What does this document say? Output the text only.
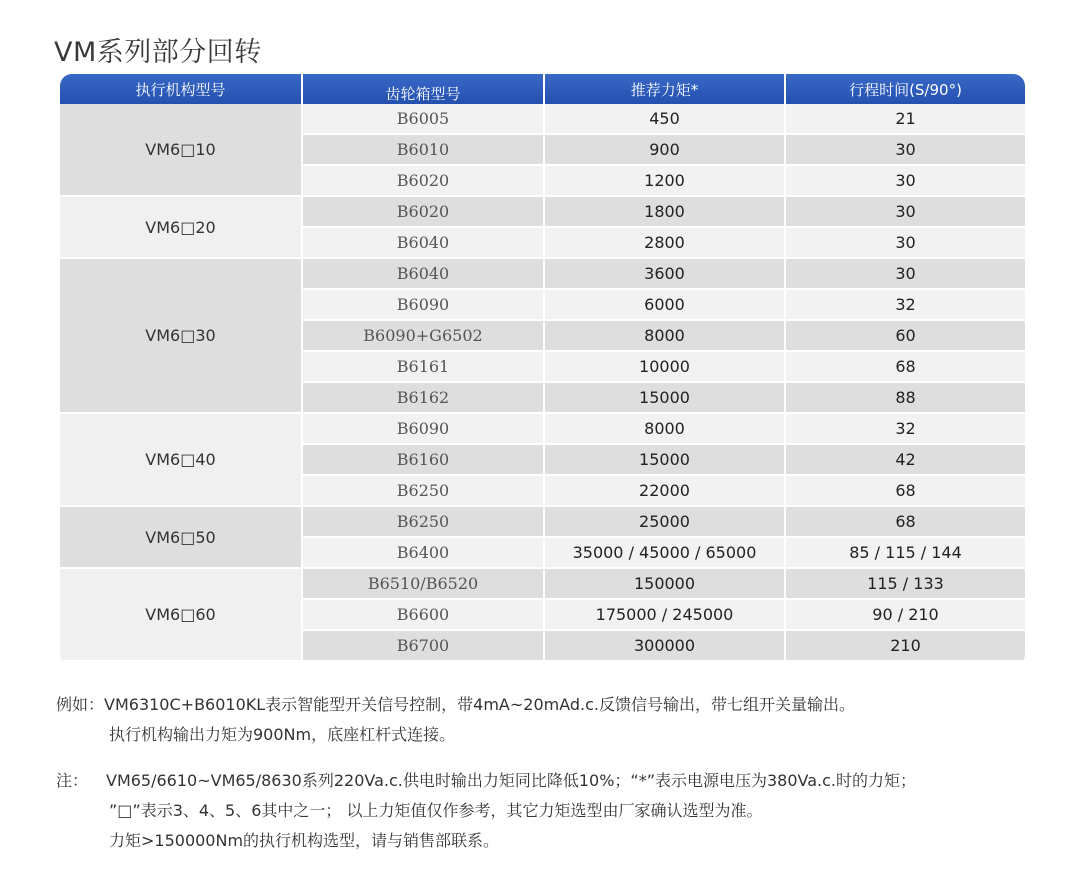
VM系列部分回转
执行机构型号	齿轮箱型号	推荐力矩*	行程时间(S/90°)
VM6□10
B6005	450	21
B6010	900	30
B6020	1200	30
VM6□20
B6020	1800	30
B6040	2800	30
VM6□30
B6040	3600	30
B6090	6000	32
B6090+G6502	8000	60
B6161	10000	68
B6162	15000	88
VM6□40
B6090	8000	32
B6160	15000	42
B6250	22000	68
VM6□50
B6250	25000	68
B6400	35000 / 45000 / 65000	85 / 115 / 144
VM6□60
B6510/B6520	150000	115 / 133
B6600	175000 / 245000	90 / 210
B6700	300000	210
例如：VM6310C+B6010KL表示智能型开关信号控制，带4mA~20mAd.c.反馈信号输出，带七组开关量输出。
执行机构输出力矩为900Nm，底座杠杆式连接。
注： VM65/6610~VM65/8630系列220Va.c.供电时输出力矩同比降低10%；“*”表示电源电压为380Va.c.时的力矩；
”□”表示3、4、5、6其中之一； 以上力矩值仅作参考，其它力矩选型由厂家确认选型为准。
力矩>150000Nm的执行机构选型，请与销售部联系。
